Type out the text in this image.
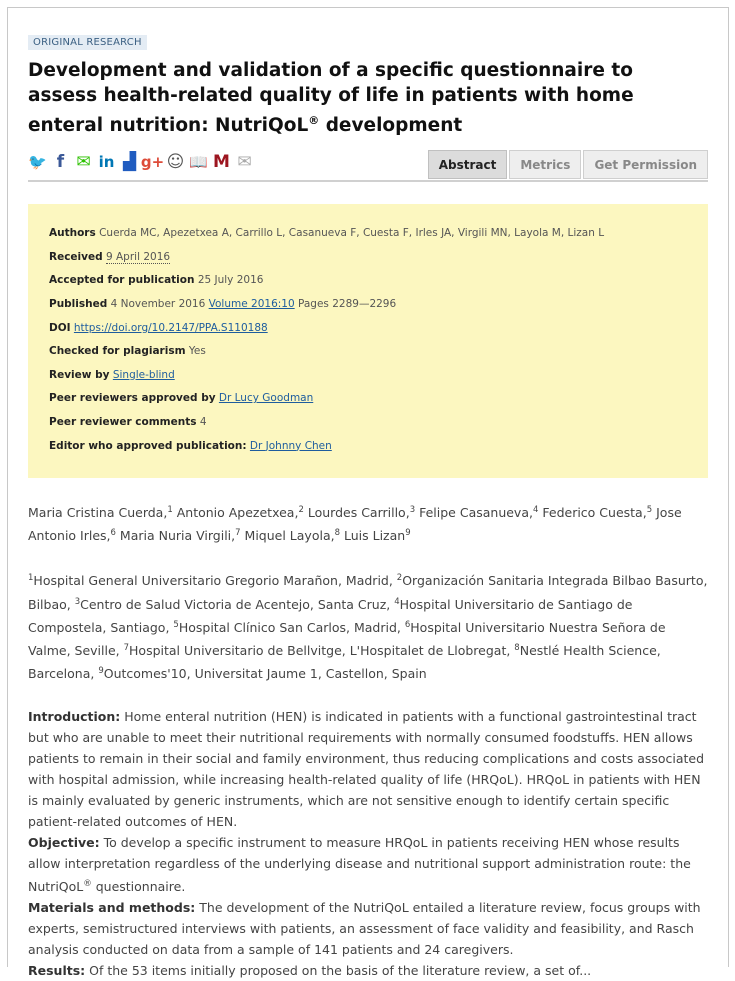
ORIGINAL RESEARCH
Development and validation of a specific questionnaire to assess health-related quality of life in patients with home enteral nutrition: NutriQoL® development
🐦 f ✉ in ▟ g+ ☺ 📖 M ✉	Abstract	Metrics	Get Permission
Authors Cuerda MC, Apezetxea A, Carrillo L, Casanueva F, Cuesta F, Irles JA, Virgili MN, Layola M, Lizan L
Received 9 April 2016
Accepted for publication 25 July 2016
Published 4 November 2016 Volume 2016:10 Pages 2289—2296
DOI https://doi.org/10.2147/PPA.S110188
Checked for plagiarism Yes
Review by Single-blind
Peer reviewers approved by Dr Lucy Goodman
Peer reviewer comments 4
Editor who approved publication: Dr Johnny Chen

Maria Cristina Cuerda,$^1$ Antonio Apezetxea,$^2$ Lourdes Carrillo,$^3$ Felipe Casanueva,$^4$ Federico Cuesta,$^5$ Jose Antonio Irles,$^6$ Maria Nuria Virgili,$^7$ Miquel Layola,$^8$ Luis Lizan$^9$

$^1$Hospital General Universitario Gregorio Marañon, Madrid, $^2$Organización Sanitaria Integrada Bilbao Basurto, Bilbao, $^3$Centro de Salud Victoria de Acentejo, Santa Cruz, $^4$Hospital Universitario de Santiago de Compostela, Santiago, $^5$Hospital Clínico San Carlos, Madrid, $^6$Hospital Universitario Nuestra Señora de Valme, Seville, $^7$Hospital Universitario de Bellvitge, L'Hospitalet de Llobregat, $^8$Nestlé Health Science, Barcelona, $^9$Outcomes'10, Universitat Jaume 1, Castellon, Spain

Introduction: Home enteral nutrition (HEN) is indicated in patients with a functional gastrointestinal tract but who are unable to meet their nutritional requirements with normally consumed foodstuffs. HEN allows patients to remain in their social and family environment, thus reducing complications and costs associated with hospital admission, while increasing health-related quality of life (HRQoL). HRQoL in patients with HEN is mainly evaluated by generic instruments, which are not sensitive enough to identify certain specific patient-related outcomes of HEN.
Objective: To develop a specific instrument to measure HRQoL in patients receiving HEN whose results allow interpretation regardless of the underlying disease and nutritional support administration route: the NutriQoL® questionnaire.
Materials and methods: The development of the NutriQoL entailed a literature review, focus groups with experts, semistructured interviews with patients, an assessment of face validity and feasibility, and Rasch analysis conducted on data from a sample of 141 patients and 24 caregivers.
Results: Of the 53 items initially proposed on the basis of the literature review, a set of...
